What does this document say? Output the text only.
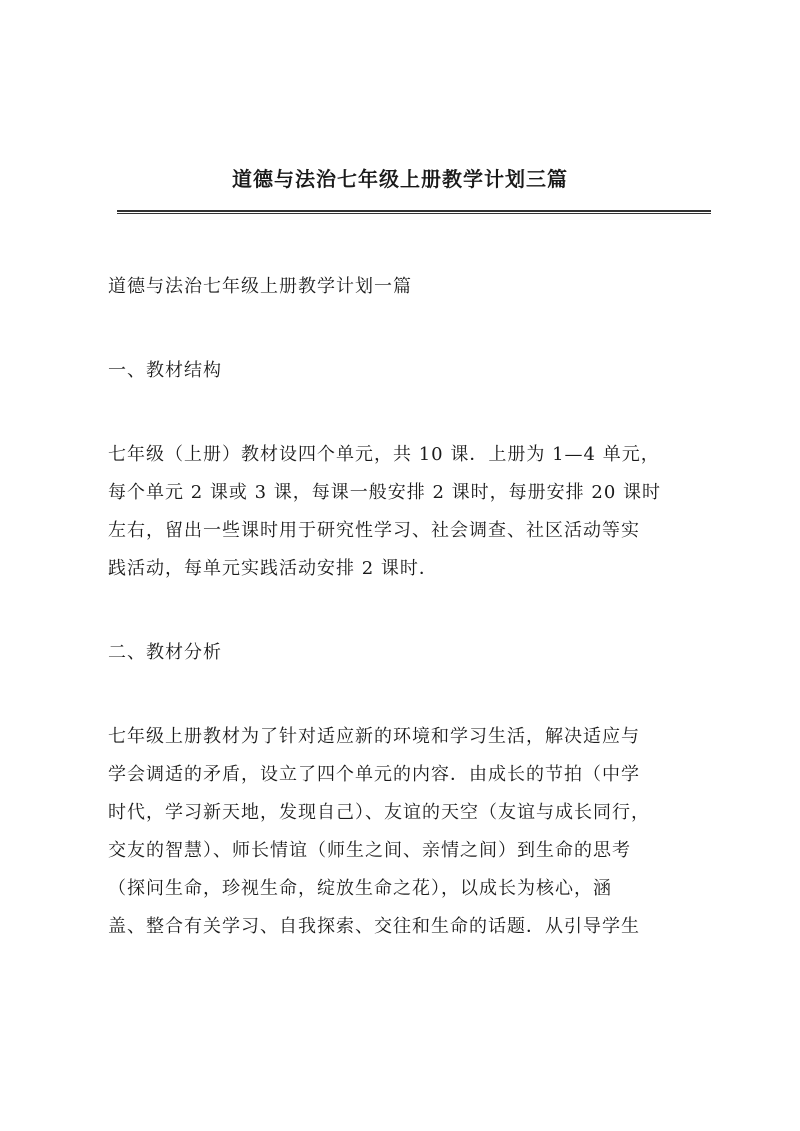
道德与法治七年级上册教学计划三篇

道德与法治七年级上册教学计划一篇

一、教材结构

七年级（上册）教材设四个单元，共 10 课．上册为 1—4 单元，

每个单元 2 课或 3 课，每课一般安排 2 课时，每册安排 20 课时

左右，留出一些课时用于研究性学习、社会调查、社区活动等实

践活动，每单元实践活动安排 2 课时．

二、教材分析

七年级上册教材为了针对适应新的环境和学习生活，解决适应与

学会调适的矛盾，设立了四个单元的内容．由成长的节拍（中学

时代，学习新天地，发现自己）、友谊的天空（友谊与成长同行，

交友的智慧）、师长情谊（师生之间、亲情之间）到生命的思考

（探问生命，珍视生命，绽放生命之花），以成长为核心，涵

盖、整合有关学习、自我探索、交往和生命的话题．从引导学生
